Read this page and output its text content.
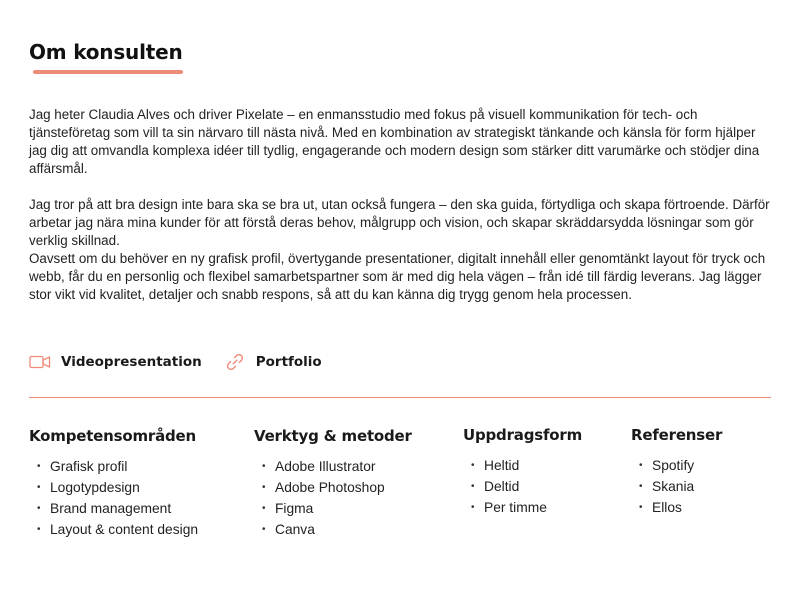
Om konsulten

Jag heter Claudia Alves och driver Pixelate – en enmansstudio med fokus på visuell kommunikation för tech- och tjänsteföretag som vill ta sin närvaro till nästa nivå. Med en kombination av strategiskt tänkande och känsla för form hjälper jag dig att omvandla komplexa idéer till tydlig, engagerande och modern design som stärker ditt varumärke och stödjer dina affärsmål.

Jag tror på att bra design inte bara ska se bra ut, utan också fungera – den ska guida, förtydliga och skapa förtroende. Därför arbetar jag nära mina kunder för att förstå deras behov, målgrupp och vision, och skapar skräddarsydda lösningar som gör verklig skillnad.

Oavsett om du behöver en ny grafisk profil, övertygande presentationer, digitalt innehåll eller genomtänkt layout för tryck och webb, får du en personlig och flexibel samarbetspartner som är med dig hela vägen – från idé till färdig leverans. Jag lägger stor vikt vid kvalitet, detaljer och snabb respons, så att du kan känna dig trygg genom hela processen.

Videopresentation	Portfolio
Kompetensområden
• Grafisk profil
• Logotypdesign
• Brand management
• Layout & content design
Verktyg & metoder
• Adobe Illustrator
• Adobe Photoshop
• Figma
• Canva
Uppdragsform
• Heltid
• Deltid
• Per timme
Referenser
• Spotify
• Skania
• Ellos
